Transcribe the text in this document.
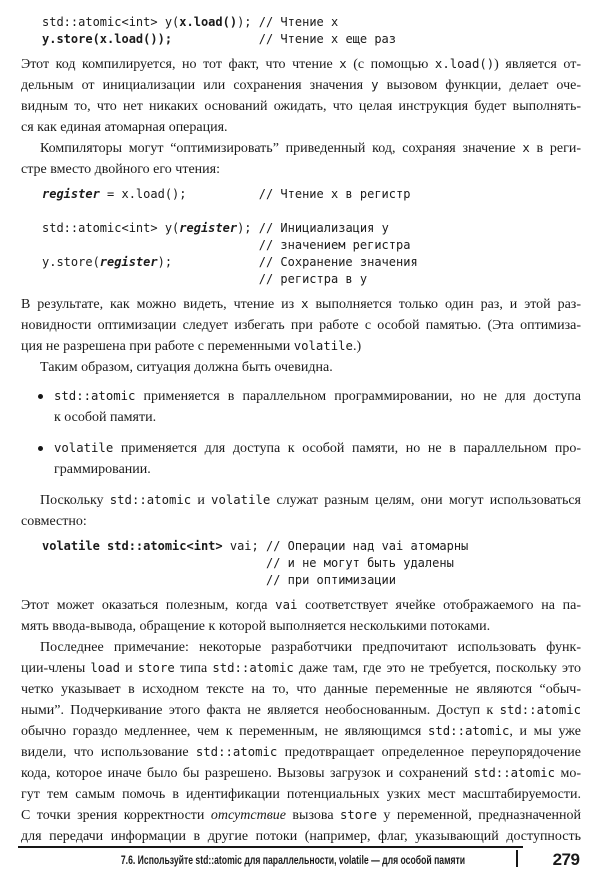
std::atomic<int> y(x.load()); // Чтение x
y.store(x.load());            // Чтение x еще раз
Этот код компилируется, но тот факт, что чтение x (с помощью x.load()) является от-
дельным от инициализации или сохранения значения y вызовом функции, делает оче-
видным то, что нет никаких оснований ожидать, что целая инструкция будет выполнять-
ся как единая атомарная операция.
Компиляторы могут “оптимизировать” приведенный код, сохраняя значение x в реги-
стре вместо двойного его чтения:
register = x.load();          // Чтение x в регистр

std::atomic<int> y(register); // Инициализация y
// значением регистра
y.store(register);            // Сохранение значения
// регистра в y
В результате, как можно видеть, чтение из x выполняется только один раз, и этой раз-
новидности оптимизации следует избегать при работе с особой памятью. (Эта оптимиза-
ция не разрешена при работе с переменными volatile.)
Таким образом, ситуация должна быть очевидна.
std::atomic применяется в параллельном программировании, но не для доступа
к особой памяти.
volatile применяется для доступа к особой памяти, но не в параллельном про-
граммировании.
Поскольку std::atomic и volatile служат разным целям, они могут использоваться
совместно:
volatile std::atomic<int> vai; // Операции над vai атомарны
// и не могут быть удалены
// при оптимизации
Этот может оказаться полезным, когда vai соответствует ячейке отображаемого на па-
мять ввода-вывода, обращение к которой выполняется несколькими потоками.
Последнее примечание: некоторые разработчики предпочитают использовать функ-
ции-члены load и store типа std::atomic даже там, где это не требуется, поскольку это
четко указывает в исходном тексте на то, что данные переменные не являются “обыч-
ными”. Подчеркивание этого факта не является необоснованным. Доступ к std::atomic
обычно гораздо медленнее, чем к переменным, не являющимся std::atomic, и мы уже
видели, что использование std::atomic предотвращает определенное переупорядочение
кода, которое иначе было бы разрешено. Вызовы загрузок и сохранений std::atomic мо-
гут тем самым помочь в идентификации потенциальных узких мест масштабируемости.
С точки зрения корректности отсутствие вызова store у переменной, предназначенной
для передачи информации в другие потоки (например, флаг, указывающий доступность
7.6. Используйте std::atomic для параллельности, volatile — для особой памяти	279
